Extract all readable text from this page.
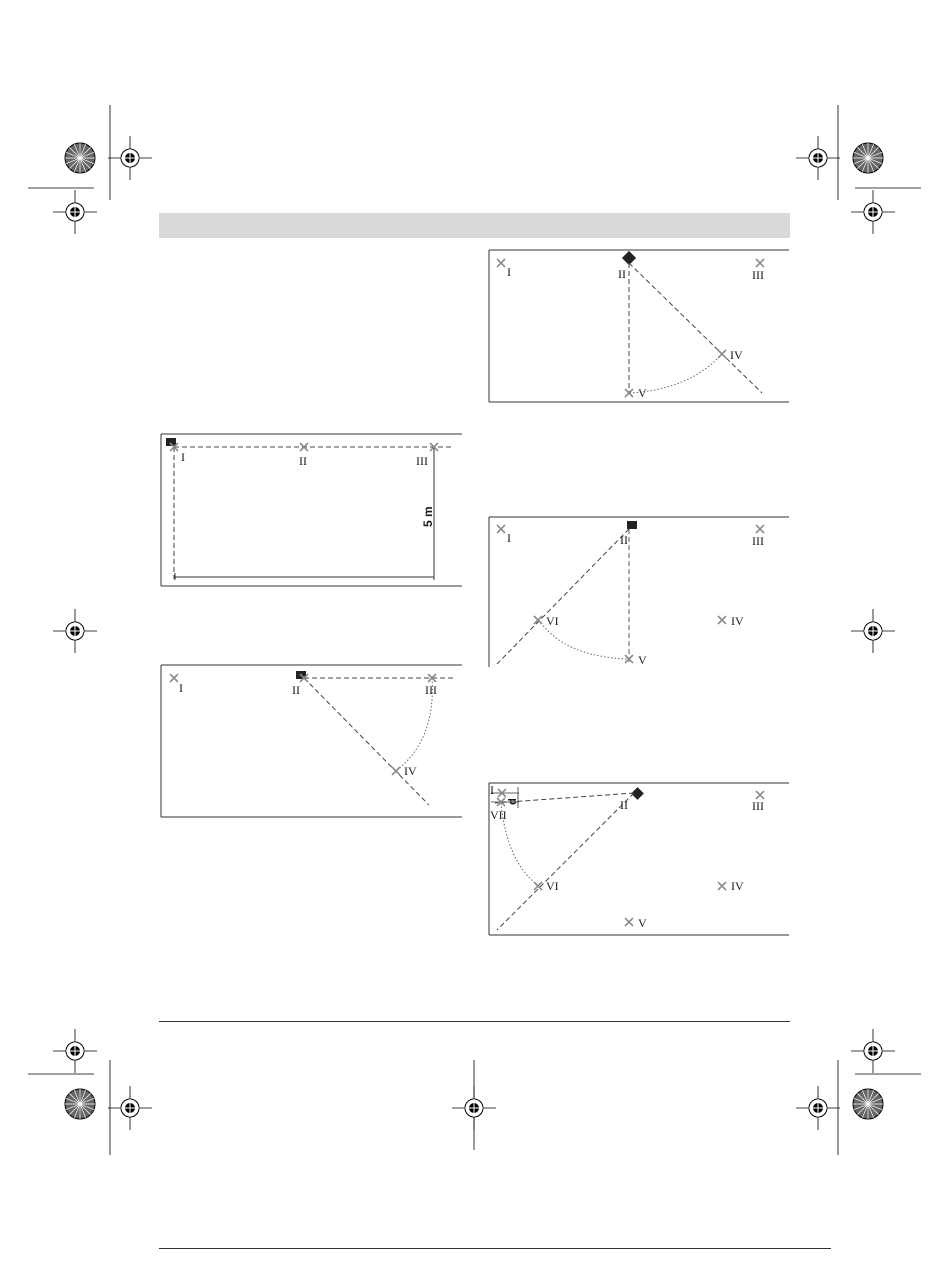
I	II	III
5 m
I	II	III
IV
I	II	III
IV
V
I	II	III
IV
V
VI
I
d	II	III
IV
V
VI
VII
